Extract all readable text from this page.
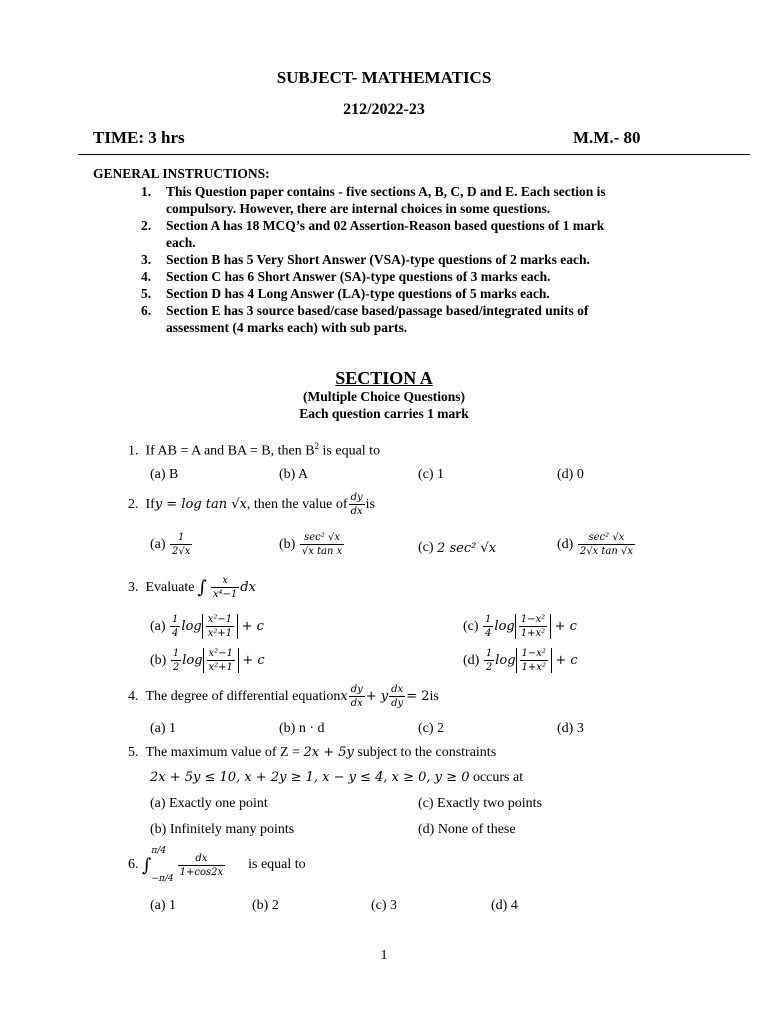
SUBJECT- MATHEMATICS
212/2022-23
TIME: 3 hrs	M.M.- 80
GENERAL INSTRUCTIONS:
1.	This Question paper contains - five sections A, B, C, D and E. Each section is
compulsory. However, there are internal choices in some questions.
2.	Section A has 18 MCQ’s and 02 Assertion-Reason based questions of 1 mark
each.
3.	Section B has 5 Very Short Answer (VSA)-type questions of 2 marks each.
4.	Section C has 6 Short Answer (SA)-type questions of 3 marks each.
5.	Section D has 4 Long Answer (LA)-type questions of 5 marks each.
6.	Section E has 3 source based/case based/passage based/integrated units of
assessment (4 marks each) with sub parts.
SECTION A
(Multiple Choice Questions)
Each question carries 1 mark
1. If AB = A and BA = B, then $B^2$ is equal to
(a) B	(b) A	(c) 1	(d) 0
2.
If y = log tan √x , then the value of $\frac{dy}{dx}$ is
(a)
$\frac{1}{2√x}$	(b)
$\frac{\text{sec² √x}}{\text{√x tan x}}$	(c)
2 sec² √x	(d)
$\frac{\text{sec² √x}}{\text{2√x tan √x}}$
3.
Evaluate ∫ $\frac{x}{\text{x⁴−1}}$ dx
(a)
$\frac{1}{4}$ $\log \frac{\text{x²−1}}{\text{x²+1}}$
+ c	(c)
$\frac{1}{4}$ $\log \frac{\text{1−x²}}{\text{1+x²}}$
+ c
(b)
$\frac{1}{2}$ $\log \frac{\text{x²−1}}{\text{x²+1}}$
+ c	(d)
$\frac{1}{2}$ $\log \frac{\text{1−x²}}{\text{1+x²}}$
+ c
4.
The degree of differential equation x $\frac{dy}{dx} + y \frac{dx}{dy} = 2$ is
(a) 1	(b) n · d	(c) 2	(d) 3
5. The maximum value of Z = 2x + 5y subject to the constraints
2x + 5y ≤ 10, x + 2y ≥ 1, x − y ≤ 4, x ≥ 0, y ≥ 0 occurs at
(a) Exactly one point	(c) Exactly two points
(b) Infinitely many points	(d) None of these
6.
∫
π/4
−π/4
$\frac{dx}{1+\cos 2x}$ is equal to
(a) 1	(b) 2	(c) 3	(d) 4
1
